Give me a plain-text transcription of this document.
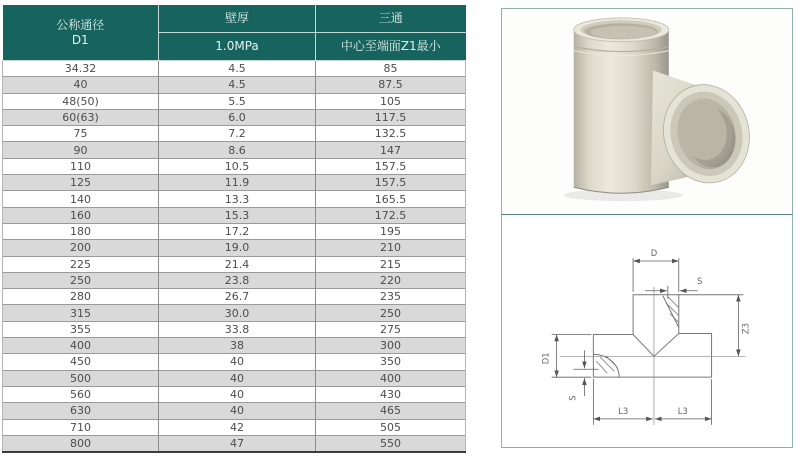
公称通径
D1	壁厚	三通
	1.0MPa	中心至端面Z1最小
34.32	4.5	85
40	4.5	87.5
48(50)	5.5	105
60(63)	6.0	117.5
75	7.2	132.5
90	8.6	147
110	10.5	157.5
125	11.9	157.5
140	13.3	165.5
160	15.3	172.5
180	17.2	195
200	19.0	210
225	21.4	215
250	23.8	220
280	26.7	235
315	30.0	250
355	33.8	275
400	38	300
450	40	350
500	40	400
560	40	430
630	40	465
710	42	505
800	47	550
D
S
Z3
D1
S
L3	L3
